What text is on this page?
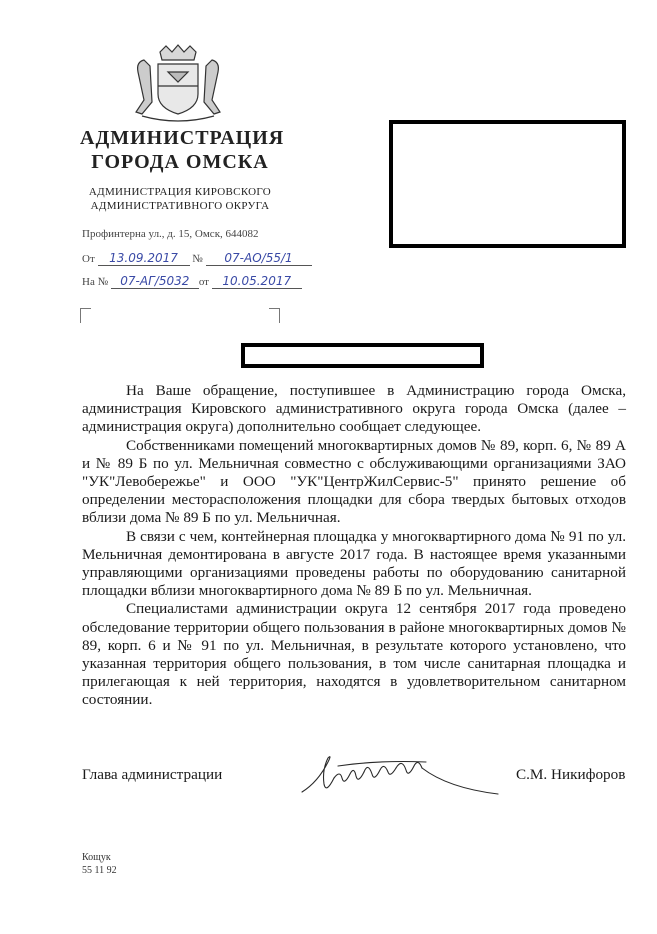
АДМИНИСТРАЦИЯ
ГОРОДА ОМСКА
АДМИНИСТРАЦИЯ КИРОВСКОГО
АДМИНИСТРАТИВНОГО ОКРУГА
Профинтерна ул., д. 15, Омск, 644082
От 13.09.2017 № 07-АО/55/1
На № 07-АГ/5032 от 10.05.2017

На Ваше обращение, поступившее в Администрацию города Омска, администрация Кировского административного округа города Омска (далее – администрация округа) дополнительно сообщает следующее.

Собственниками помещений многоквартирных домов № 89, корп. 6, № 89 А и № 89 Б по ул. Мельничная совместно с обслуживающими организациями ЗАО "УК"Левобережье" и ООО "УК"ЦентрЖилСервис-5" принято решение об определении месторасположения площадки для сбора твердых бытовых отходов вблизи дома № 89 Б по ул. Мельничная.

В связи с чем, контейнерная площадка у многоквартирного дома № 91 по ул. Мельничная демонтирована в августе 2017 года. В настоящее время указанными управляющими организациями проведены работы по оборудованию санитарной площадки вблизи многоквартирного дома № 89 Б по ул. Мельничная.

Специалистами администрации округа 12 сентября 2017 года проведено обследование территории общего пользования в районе многоквартирных домов № 89, корп. 6 и № 91 по ул. Мельничная, в результате которого установлено, что указанная территория общего пользования, в том числе санитарная площадка и прилегающая к ней территория, находятся в удовлетворительном санитарном состоянии.

Глава администрации	С.М. Никифоров
Кощук
55 11 92
